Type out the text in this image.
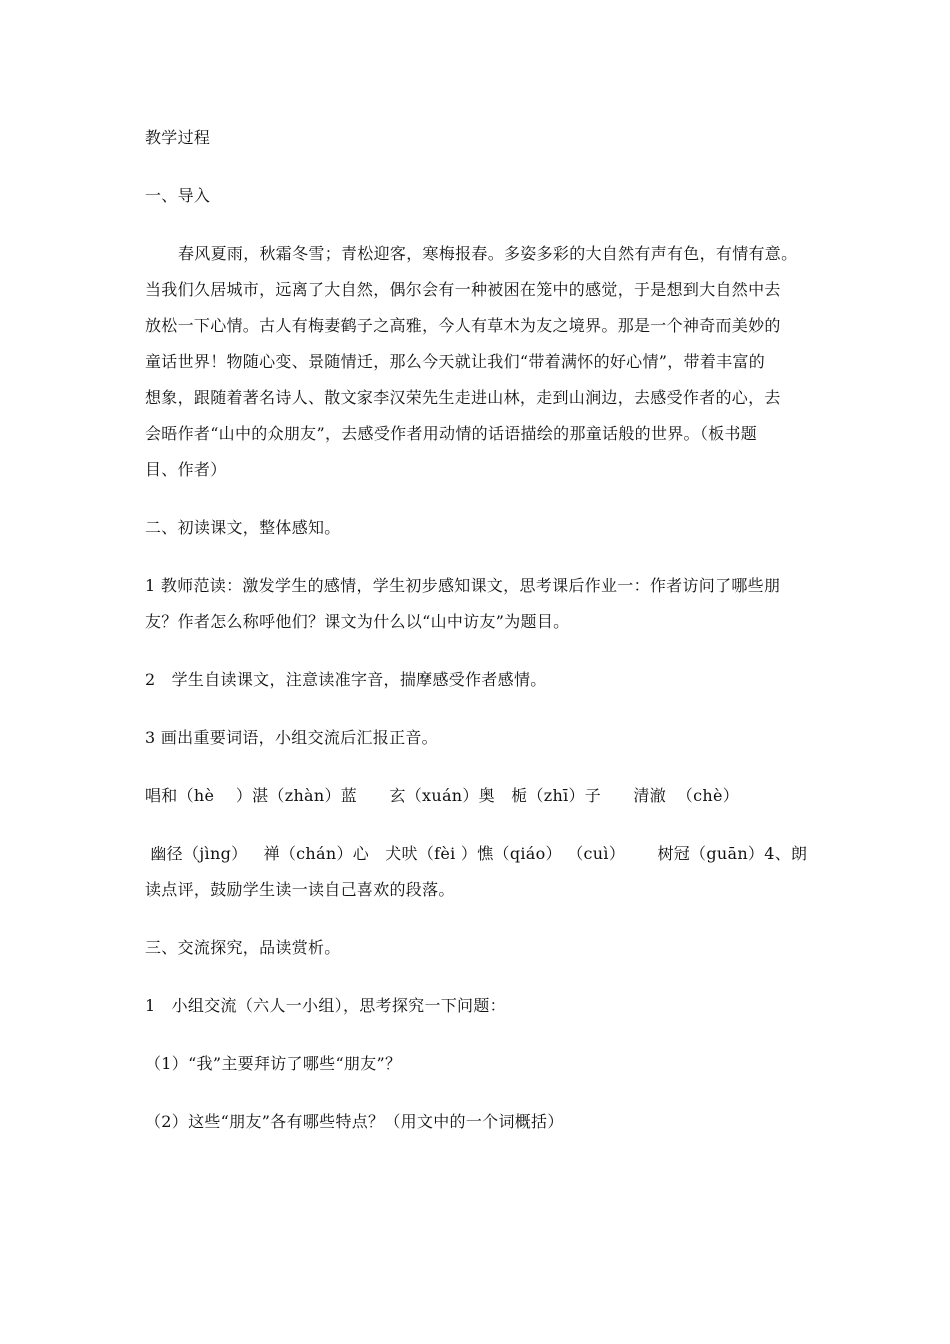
教学过程
一、导入
春风夏雨，秋霜冬雪；青松迎客，寒梅报春。多姿多彩的大自然有声有色，有情有意。
当我们久居城市，远离了大自然，偶尔会有一种被困在笼中的感觉，于是想到大自然中去
放松一下心情。古人有梅妻鹤子之高雅，今人有草木为友之境界。那是一个神奇而美妙的
童话世界！物随心变、景随情迁，那么今天就让我们“带着满怀的好心情”，带着丰富的
想象，跟随着著名诗人、散文家李汉荣先生走进山林，走到山涧边，去感受作者的心，去
会晤作者“山中的众朋友”，去感受作者用动情的话语描绘的那童话般的世界。（板书题
目、作者）
二、初读课文，整体感知。
1 教师范读：激发学生的感情，学生初步感知课文，思考课后作业一：作者访问了哪些朋
友？作者怎么称呼他们？课文为什么以“山中访友”为题目。
2   学生自读课文，注意读准字音，揣摩感受作者感情。
3 画出重要词语，小组交流后汇报正音。
唱和（hè    ）湛（zhàn）蓝      玄（xuán）奥   栀（zhī）子      清澈  （chè）
幽径（jìng）   禅（chán）心   犬吠（fèi ）憔（qiáo） （cuì）      树冠（guān）4、朗
读点评，鼓励学生读一读自己喜欢的段落。
三、交流探究，品读赏析。
1   小组交流（六人一小组），思考探究一下问题：
（1）“我”主要拜访了哪些“朋友”？
（2）这些“朋友”各有哪些特点？（用文中的一个词概括）
